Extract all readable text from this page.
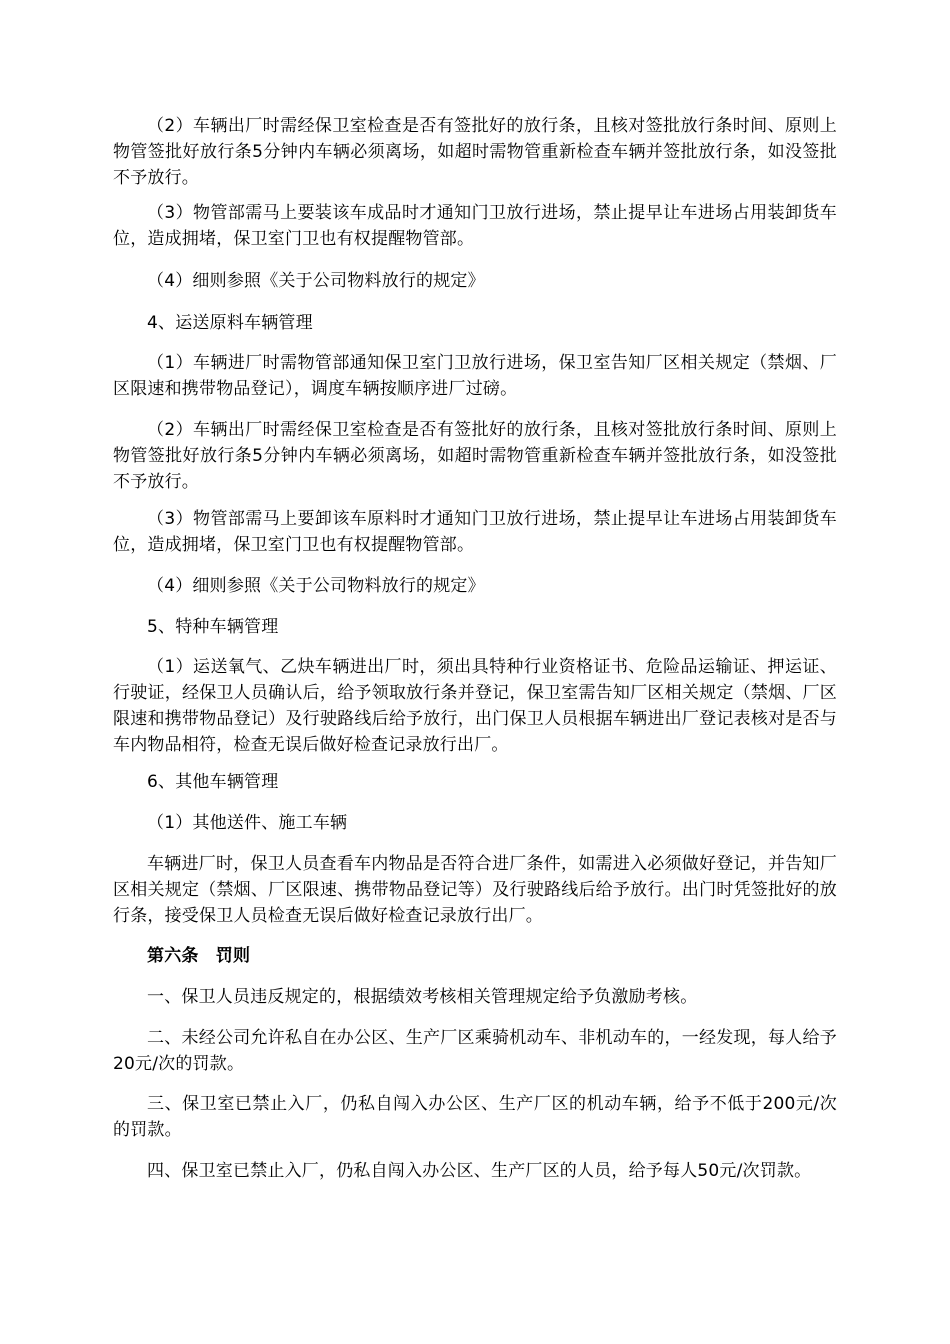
（2）车辆出厂时需经保卫室检查是否有签批好的放行条，且核对签批放行条时间、原则上物管签批好放行条5分钟内车辆必须离场，如超时需物管重新检查车辆并签批放行条，如没签批不予放行。

（3）物管部需马上要装该车成品时才通知门卫放行进场，禁止提早让车进场占用装卸货车位，造成拥堵，保卫室门卫也有权提醒物管部。

（4）细则参照《关于公司物料放行的规定》

4、运送原料车辆管理

（1）车辆进厂时需物管部通知保卫室门卫放行进场，保卫室告知厂区相关规定（禁烟、厂区限速和携带物品登记），调度车辆按顺序进厂过磅。

（2）车辆出厂时需经保卫室检查是否有签批好的放行条，且核对签批放行条时间、原则上物管签批好放行条5分钟内车辆必须离场，如超时需物管重新检查车辆并签批放行条，如没签批不予放行。

（3）物管部需马上要卸该车原料时才通知门卫放行进场，禁止提早让车进场占用装卸货车位，造成拥堵，保卫室门卫也有权提醒物管部。

（4）细则参照《关于公司物料放行的规定》

5、特种车辆管理

（1）运送氧气、乙炔车辆进出厂时，须出具特种行业资格证书、危险品运输证、押运证、行驶证，经保卫人员确认后，给予领取放行条并登记，保卫室需告知厂区相关规定（禁烟、厂区限速和携带物品登记）及行驶路线后给予放行，出门保卫人员根据车辆进出厂登记表核对是否与车内物品相符，检查无误后做好检查记录放行出厂。

6、其他车辆管理

（1）其他送件、施工车辆

车辆进厂时，保卫人员查看车内物品是否符合进厂条件，如需进入必须做好登记，并告知厂区相关规定（禁烟、厂区限速、携带物品登记等）及行驶路线后给予放行。出门时凭签批好的放行条，接受保卫人员检查无误后做好检查记录放行出厂。

第六条　罚则

一、保卫人员违反规定的，根据绩效考核相关管理规定给予负激励考核。

二、未经公司允许私自在办公区、生产厂区乘骑机动车、非机动车的，一经发现，每人给予20元/次的罚款。

三、保卫室已禁止入厂，仍私自闯入办公区、生产厂区的机动车辆，给予不低于200元/次的罚款。

四、保卫室已禁止入厂，仍私自闯入办公区、生产厂区的人员，给予每人50元/次罚款。
